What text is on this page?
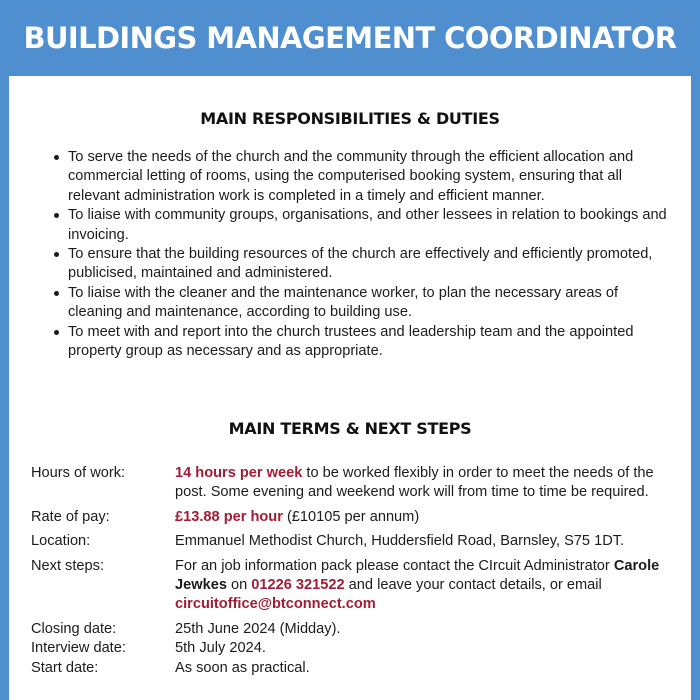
BUILDINGS MANAGEMENT COORDINATOR
MAIN RESPONSIBILITIES & DUTIES
To serve the needs of the church and the community through the efficient allocation and commercial letting of rooms, using the computerised booking system, ensuring that all relevant administration work is completed in a timely and efficient manner.
To liaise with community groups, organisations, and other lessees in relation to bookings and invoicing.
To ensure that the building resources of the church are effectively and efficiently promoted, publicised, maintained and administered.
To liaise with the cleaner and the maintenance worker, to plan the necessary areas of cleaning and maintenance, according to building use.
To meet with and report into the church trustees and leadership team and the appointed property group as necessary and as appropriate.
MAIN TERMS & NEXT STEPS
Hours of work:	14 hours per week to be worked flexibly in order to meet the needs of the post. Some evening and weekend work will from time to time be required.
Rate of pay:	£13.88 per hour (£10105 per annum)
Location:	Emmanuel Methodist Church, Huddersfield Road, Barnsley, S75 1DT.
Next steps:	For an job information pack please contact the CIrcuit Administrator Carole Jewkes on 01226 321522 and leave your contact details, or email circuitoffice@btconnect.com
Closing date:	25th June 2024 (Midday).
Interview date:	5th July 2024.
Start date:	As soon as practical.
